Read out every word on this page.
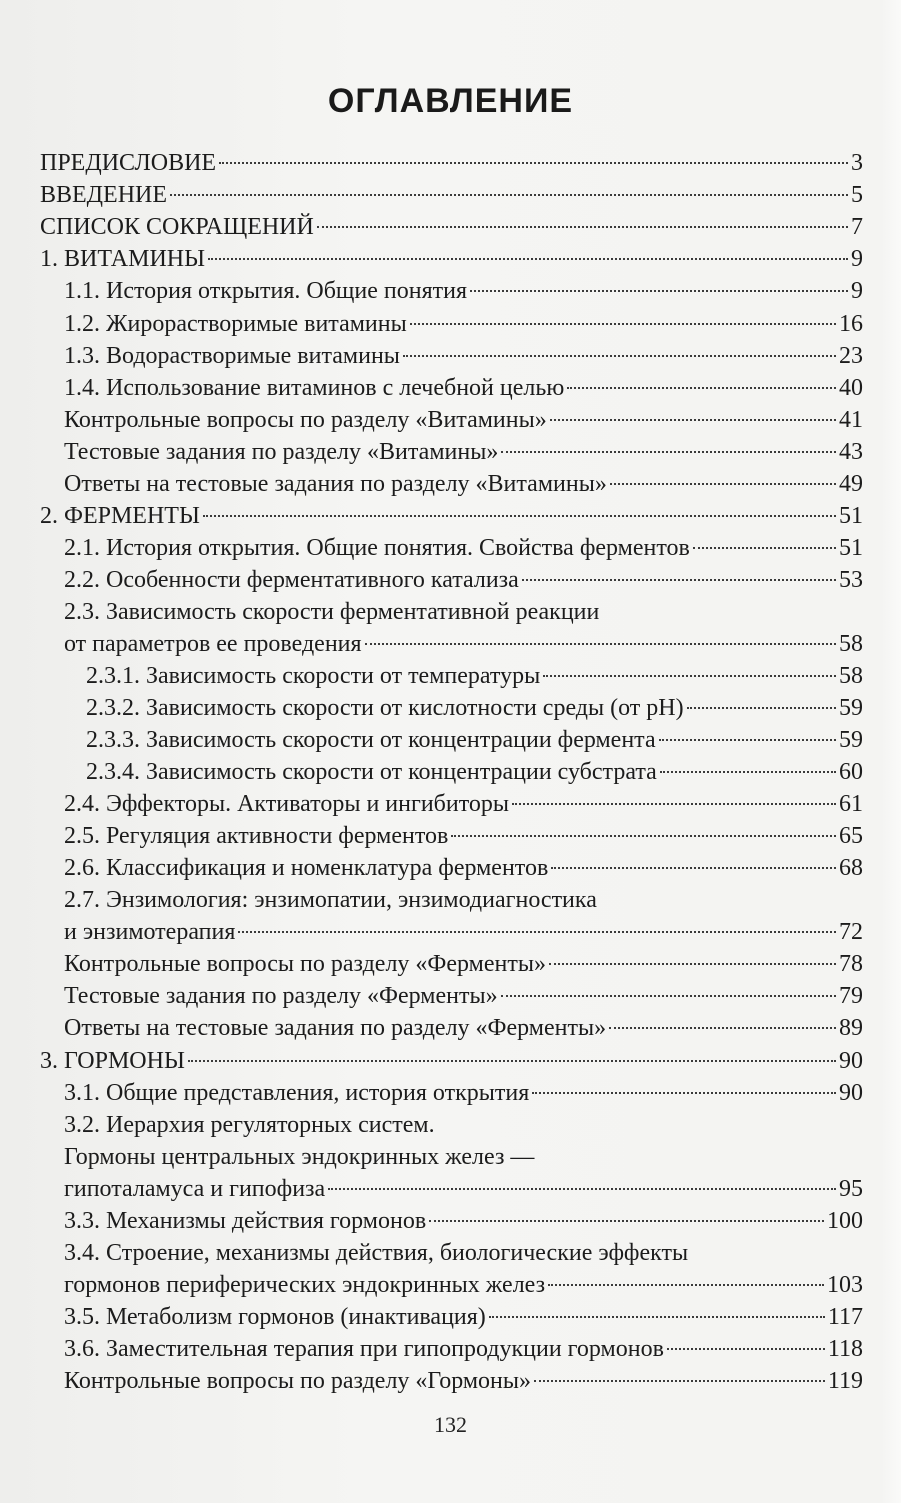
ОГЛАВЛЕНИЕ
ПРЕДИСЛОВИЕ	3
ВВЕДЕНИЕ	5
СПИСОК СОКРАЩЕНИЙ	7
1. ВИТАМИНЫ	9
1.1. История открытия. Общие понятия	9
1.2. Жирорастворимые витамины	16
1.3. Водорастворимые витамины	23
1.4. Использование витаминов с лечебной целью	40
Контрольные вопросы по разделу «Витамины»	41
Тестовые задания по разделу «Витамины»	43
Ответы на тестовые задания по разделу «Витамины»	49
2. ФЕРМЕНТЫ	51
2.1. История открытия. Общие понятия. Свойства ферментов	51
2.2. Особенности ферментативного катализа	53
2.3. Зависимость скорости ферментативной реакции
от параметров ее проведения	58
2.3.1. Зависимость скорости от температуры	58
2.3.2. Зависимость скорости от кислотности среды (от pH)	59
2.3.3. Зависимость скорости от концентрации фермента	59
2.3.4. Зависимость скорости от концентрации субстрата	60
2.4. Эффекторы. Активаторы и ингибиторы	61
2.5. Регуляция активности ферментов	65
2.6. Классификация и номенклатура ферментов	68
2.7. Энзимология: энзимопатии, энзимодиагностика
и энзимотерапия	72
Контрольные вопросы по разделу «Ферменты»	78
Тестовые задания по разделу «Ферменты»	79
Ответы на тестовые задания по разделу «Ферменты»	89
3. ГОРМОНЫ	90
3.1. Общие представления, история открытия	90
3.2. Иерархия регуляторных систем.
Гормоны центральных эндокринных желез —
гипоталамуса и гипофиза	95
3.3. Механизмы действия гормонов	100
3.4. Строение, механизмы действия, биологические эффекты
гормонов периферических эндокринных желез	103
3.5. Метаболизм гормонов (инактивация)	117
3.6. Заместительная терапия при гипопродукции гормонов	118
Контрольные вопросы по разделу «Гормоны»	119
132
